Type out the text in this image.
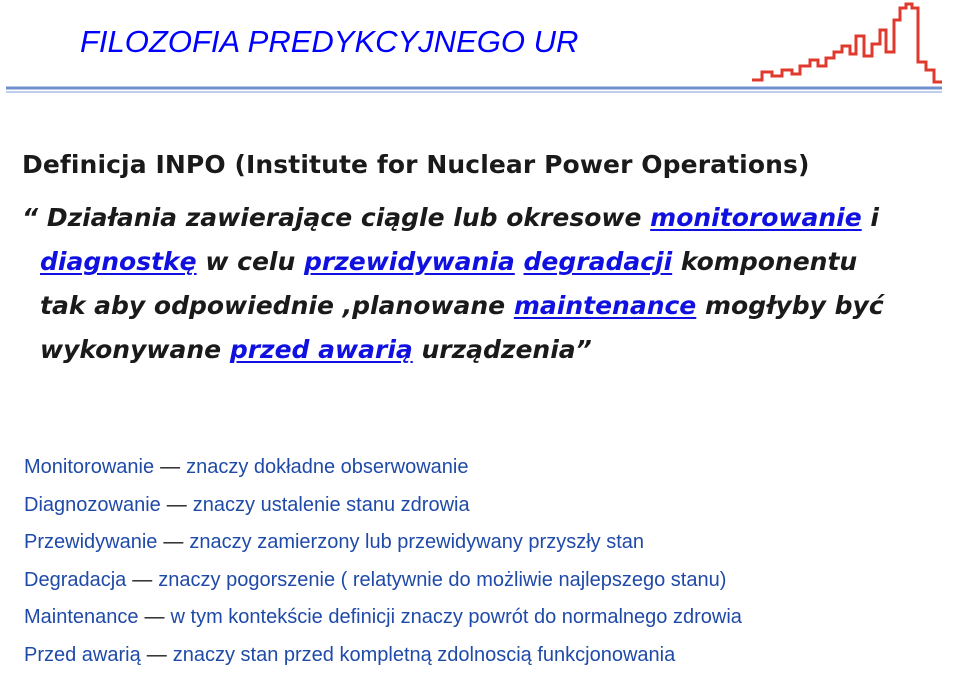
FILOZOFIA PREDYKCYJNEGO UR
Definicja INPO (Institute for Nuclear Power Operations)
“ Działania zawierające ciągle lub okresowe monitorowanie i
diagnostkę w celu przewidywania degradacji komponentu
tak aby odpowiednie ,planowane maintenance mogłyby być
wykonywane przed awarią urządzenia”
Monitorowanie — znaczy dokładne obserwowanie
Diagnozowanie — znaczy ustalenie stanu zdrowia
Przewidywanie — znaczy zamierzony lub przewidywany przyszły stan
Degradacja — znaczy pogorszenie ( relatywnie do możliwie najlepszego stanu)
Maintenance — w tym kontekście definicji znaczy powrót do normalnego zdrowia
Przed awarią — znaczy stan przed kompletną zdolnoscią funkcjonowania
